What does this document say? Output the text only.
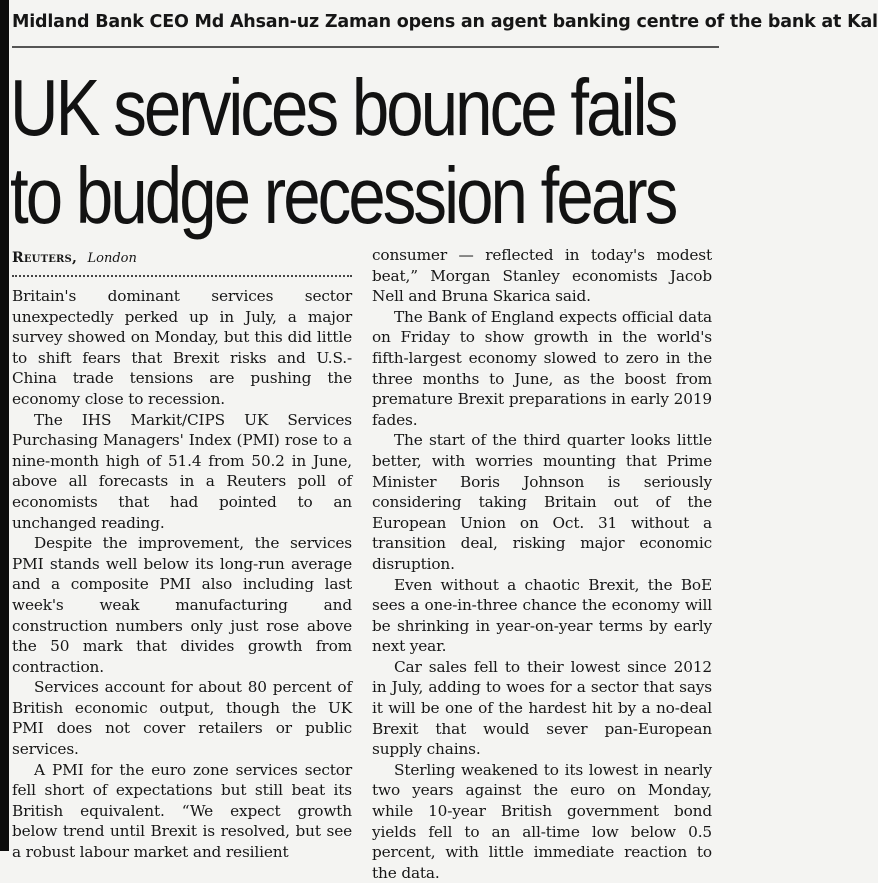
Midland Bank CEO Md Ahsan-uz Zaman opens an agent banking centre of the bank at Kal
UK services bounce fails
to budge recession fears
Reuters, London

Britain's dominant services sector unexpectedly perked up in July, a major survey showed on Monday, but this did little to shift fears that Brexit risks and U.S.-China trade tensions are pushing the economy close to recession.

The IHS Markit/CIPS UK Services Purchasing Managers' Index (PMI) rose to a nine-month high of 51.4 from 50.2 in June, above all forecasts in a Reuters poll of economists that had pointed to an unchanged reading.

Despite the improvement, the services PMI stands well below its long-run average and a composite PMI also including last week's weak manufacturing and construction numbers only just rose above the 50 mark that divides growth from contraction.

Services account for about 80 percent of British economic output, though the UK PMI does not cover retailers or public services.

A PMI for the euro zone services sector fell short of expectations but still beat its British equivalent. “We expect growth below trend until Brexit is resolved, but see a robust labour market and resilient

consumer — reflected in today's modest beat,” Morgan Stanley economists Jacob Nell and Bruna Skarica said.

The Bank of England expects official data on Friday to show growth in the world's fifth-largest economy slowed to zero in the three months to June, as the boost from premature Brexit preparations in early 2019 fades.

The start of the third quarter looks little better, with worries mounting that Prime Minister Boris Johnson is seriously considering taking Britain out of the European Union on Oct. 31 without a transition deal, risking major economic disruption.

Even without a chaotic Brexit, the BoE sees a one-in-three chance the economy will be shrinking in year-on-year terms by early next year.

Car sales fell to their lowest since 2012 in July, adding to woes for a sector that says it will be one of the hardest hit by a no-deal Brexit that would sever pan-European supply chains.

Sterling weakened to its lowest in nearly two years against the euro on Monday, while 10-year British government bond yields fell to an all-time low below 0.5 percent, with little immediate reaction to the data.
